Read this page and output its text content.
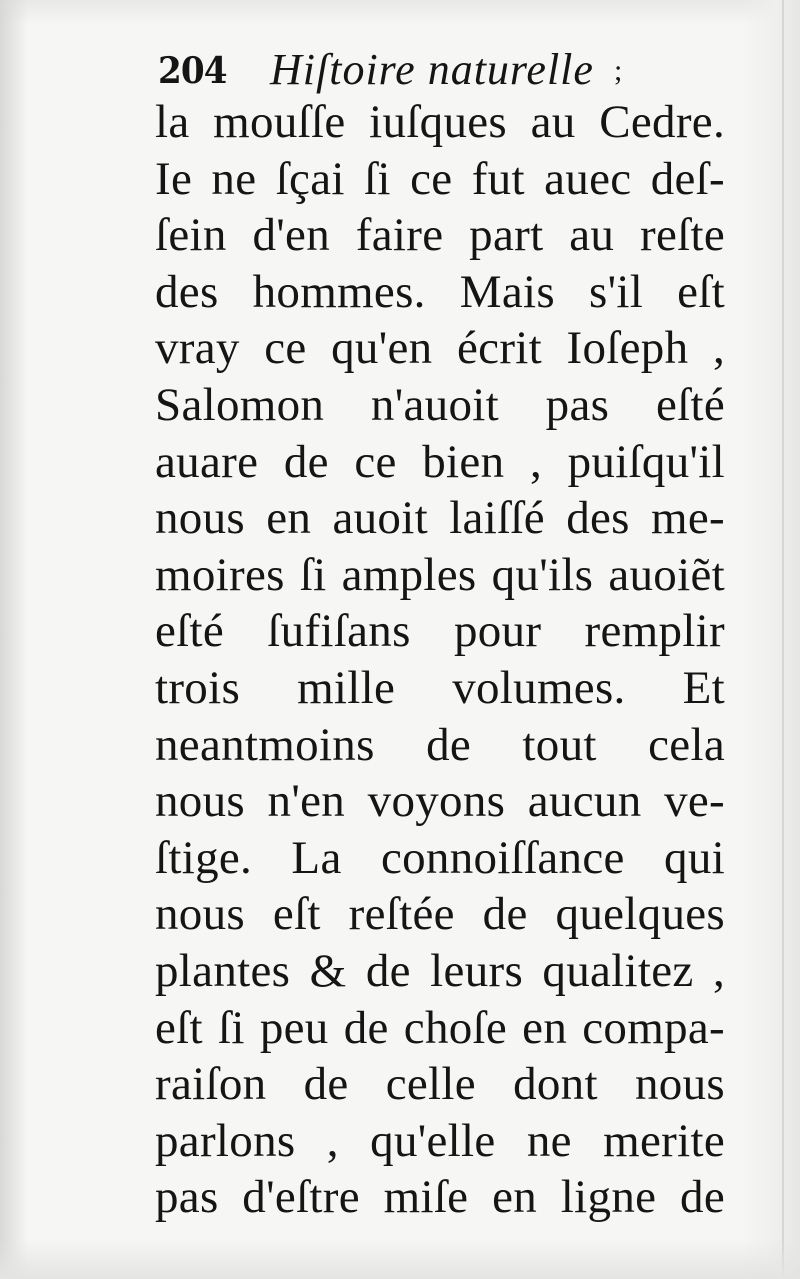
204 Hiſtoire naturelle ;
la mouſſe iuſques au Cedre.
Ie ne ſçai ſi ce fut auec deſ-
ſein d'en faire part au reſte
des hommes. Mais s'il eſt
vray ce qu'en écrit Ioſeph ,
Salomon n'auoit pas eſté
auare de ce bien , puiſqu'il
nous en auoit laiſſé des me-
moires ſi amples qu'ils auoiẽt
eſté ſufiſans pour remplir
trois mille volumes. Et
neantmoins de tout cela
nous n'en voyons aucun ve-
ſtige. La connoiſſance qui
nous eſt reſtée de quelques
plantes & de leurs qualitez ,
eſt ſi peu de choſe en compa-
raiſon de celle dont nous
parlons , qu'elle ne merite
pas d'eſtre miſe en ligne de
